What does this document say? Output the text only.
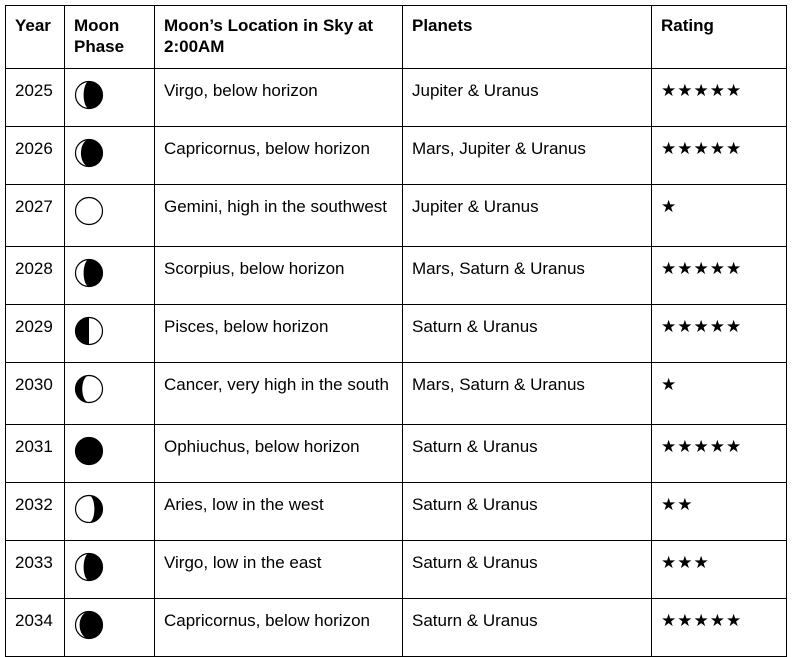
Year	Moon Phase	Moon’s Location in Sky at 2:00AM	Planets	Rating
2025		Virgo, below horizon	Jupiter & Uranus	★★★★★
2026		Capricornus, below horizon	Mars, Jupiter & Uranus	★★★★★
2027		Gemini, high in the southwest	Jupiter & Uranus	★
2028		Scorpius, below horizon	Mars, Saturn & Uranus	★★★★★
2029		Pisces, below horizon	Saturn & Uranus	★★★★★
2030		Cancer, very high in the south	Mars, Saturn & Uranus	★
2031		Ophiuchus, below horizon	Saturn & Uranus	★★★★★
2032		Aries, low in the west	Saturn & Uranus	★★
2033		Virgo, low in the east	Saturn & Uranus	★★★
2034		Capricornus, below horizon	Saturn & Uranus	★★★★★
